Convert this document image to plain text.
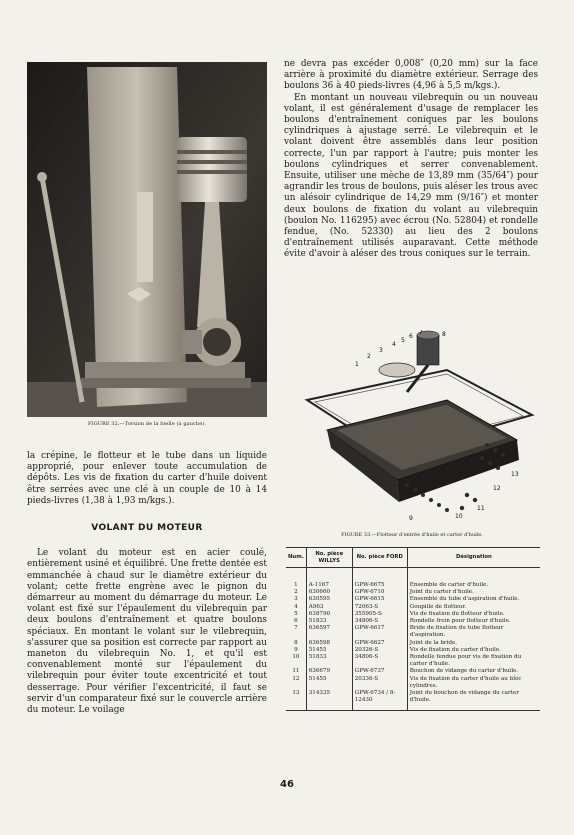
FIGURE 32.—Torsion de la bielle (à gauche).

la crépine, le flotteur et le tube dans un liquide approprié, pour enlever toute accumulation de dépôts. Les vis de fixation du carter d'huile doivent être serrées avec une clé à un couple de 10 à 14 pieds-livres (1,38 à 1,93 m/kgs.).

VOLANT DU MOTEUR

Le volant du moteur est en acier coulé, entièrement usiné et équilibré. Une frette dentée est emmanchée à chaud sur le diamètre extérieur du volant; cette frette engrène avec le pignon du démarreur au moment du démarrage du moteur. Le volant est fixé sur l'épaulement du vilebrequin par deux boulons d'entraînement et quatre boulons spéciaux. En montant le volant sur le vilebrequin, s'assurer que sa position est correcte par rapport au maneton du vilebrequin No. 1, et qu'il est convenablement monté sur l'épaulement du vilebrequin pour éviter toute excentricité et tout desserrage. Pour vérifier l'excentricité, il faut se servir d'un comparateur fixé sur le couvercle arrière du moteur. Le voilage

ne devra pas excéder 0,008″ (0,20 mm) sur la face arrière à proximité du diamètre extérieur. Serrage des boulons 36 à 40 pieds-livres (4,96 à 5,5 m/kgs.).

En montant un nouveau vilebrequin ou un nouveau volant, il est généralement d'usage de remplacer les boulons d'entraînement coniques par les boulons cylindriques à ajustage serré. Le vilebrequin et le volant doivent être assemblés dans leur position correcte, l'un par rapport à l'autre; puis monter les boulons cylindriques et serrer convenablement. Ensuite, utiliser une mèche de 13,89 mm (35/64″) pour agrandir les trous de boulons, puis aléser les trous avec un alésoir cylindrique de 14,29 mm (9/16″) et monter deux boulons de fixation du volant au vilebrequin (boulon No. 116295) avec écrou (No. 52804) et rondelle fendue, (No. 52330) au lieu des 2 boulons d'entraînement utilisés auparavant. Cette méthode évite d'avoir à aléser des trous coniques sur le terrain.

1
2
3
4
5
6
7	8
9	10
11
12
13
FIGURE 33.—Flotteur d'entrée d'huile et carter d'huile.
Num.	No. pièce WILLYS	No. pièce FORD	Désignation
1	A-1167	GPW-6675	Ensemble de carter d'huile.
2	630660	GPW-6710	Joint du carter d'huile.
3	630595	GPW-6615	Ensemble du tube d'aspiration d'huile.
4	A963	72063-S	Goupille de flotteur.
5	638790	355905-S	Vis de fixation du flotteur d'huile.
6	51833	34806-S	Rondelle frein pour flotteur d'huile.
7	636597	GPW-6617	Bride de fixation du tube flotteur d'aspiration.
8	636598	GPW-6627	Joint de la bride.
9	51455	20326-S	Vis de fixation du carter d'huile.
10	51833	34806-S	Rondelle fendue pour vis de fixation du carter d'huile.
11	636679	GPW-6737	Bouchon de vidange du carter d'huile.
12	51455	20336-S	Vis de fixation du carter d'huile au bloc cylindres.
13	314335	GPW-6734 / 8-12430	Joint du bouchon de vidange du carter d'huile.
46
